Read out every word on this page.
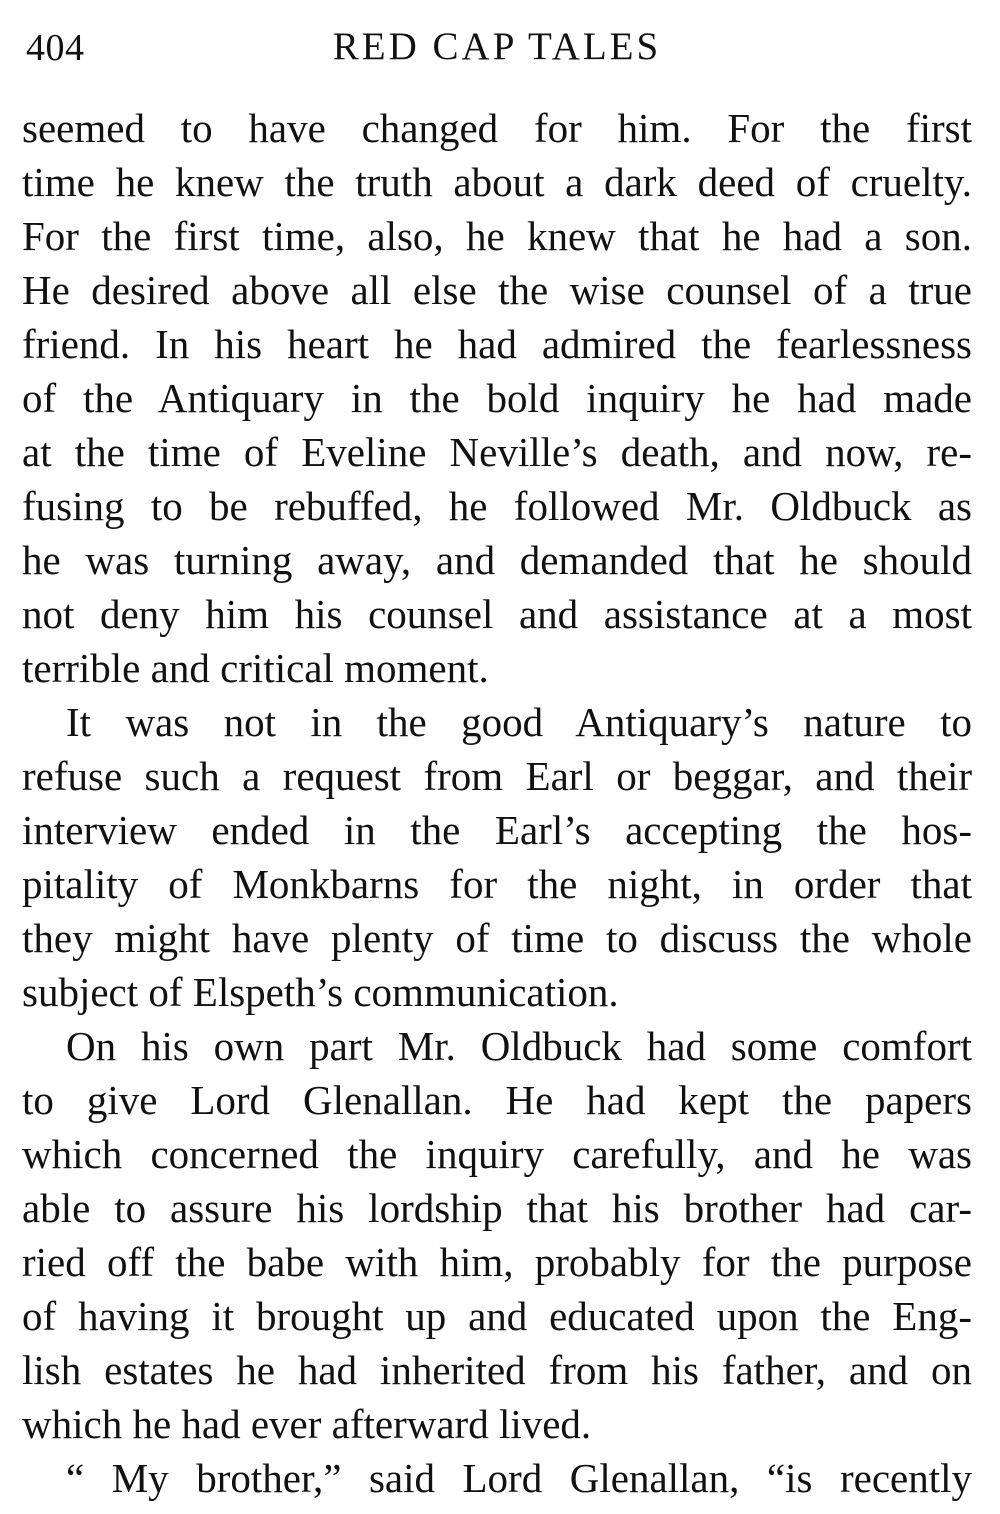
404	RED CAP TALES
seemed to have changed for him. For the first
time he knew the truth about a dark deed of cruelty.
For the first time, also, he knew that he had a son.
He desired above all else the wise counsel of a true
friend. In his heart he had admired the fearlessness
of the Antiquary in the bold inquiry he had made
at the time of Eveline Neville’s death, and now, re-
fusing to be rebuffed, he followed Mr. Oldbuck as
he was turning away, and demanded that he should
not deny him his counsel and assistance at a most
terrible and critical moment.
It was not in the good Antiquary’s nature to
refuse such a request from Earl or beggar, and their
interview ended in the Earl’s accepting the hos-
pitality of Monkbarns for the night, in order that
they might have plenty of time to discuss the whole
subject of Elspeth’s communication.
On his own part Mr. Oldbuck had some comfort
to give Lord Glenallan. He had kept the papers
which concerned the inquiry carefully, and he was
able to assure his lordship that his brother had car-
ried off the babe with him, probably for the purpose
of having it brought up and educated upon the Eng-
lish estates he had inherited from his father, and on
which he had ever afterward lived.
“ My brother,” said Lord Glenallan, “is recently
